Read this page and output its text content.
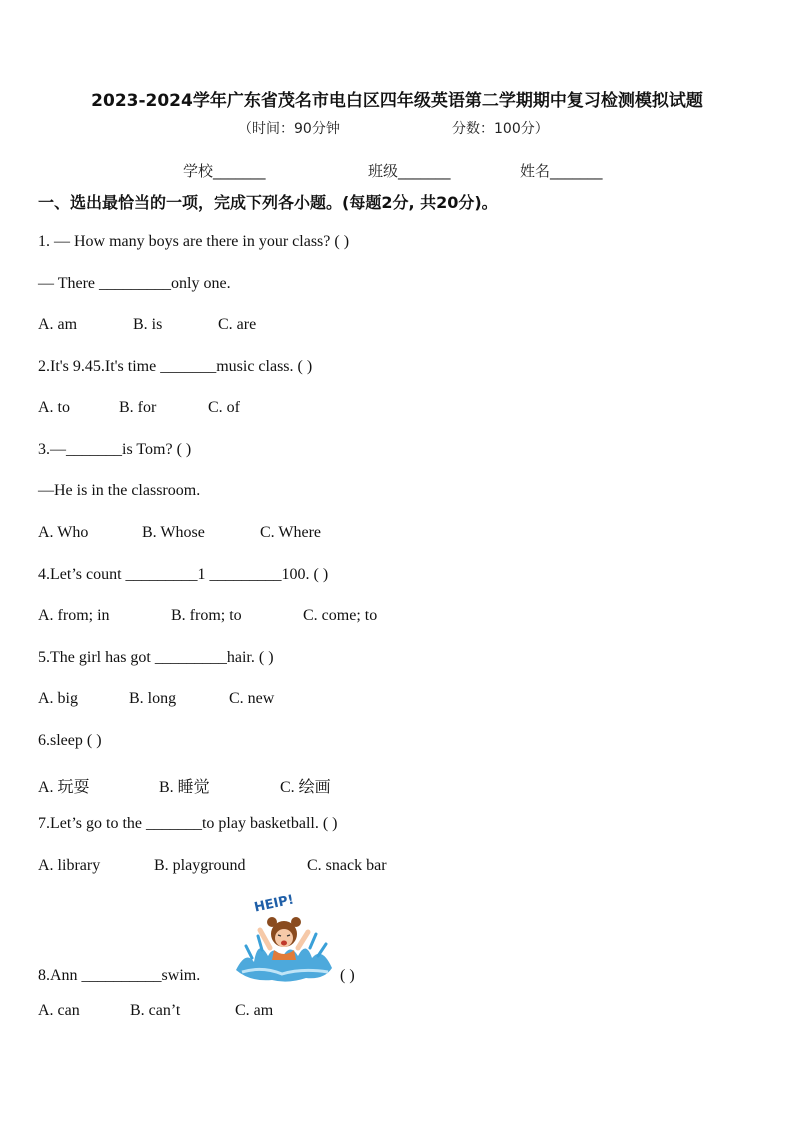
2023-2024学年广东省茂名市电白区四年级英语第二学期期中复习检测模拟试题
（时间：90分钟	分数：100分）
学校_______	班级_______	姓名_______
一、选出最恰当的一项，完成下列各小题。(每题2分, 共20分)。
1. — How many boys are there in your class? ( )
— There _________only one.
A. am	B. is	C. are
2.It's 9.45.It's time _______music class. ( )
A. to	B. for	C. of
3.—_______is Tom? ( )
—He is in the classroom.
A. Who	B. Whose	C. Where
4.Let’s count _________1 _________100. ( )
A. from; in	B. from; to	C. come; to
5.The girl has got _________hair. ( )
A. big	B. long	C. new
6.sleep ( )
A. 玩耍	B. 睡觉	C. 绘画
7.Let’s go to the _______to play basketball. ( )
A. library	B. playground	C. snack bar
HEIP!
8.Ann __________swim.	( )
A. can	B. can’t	C. am
